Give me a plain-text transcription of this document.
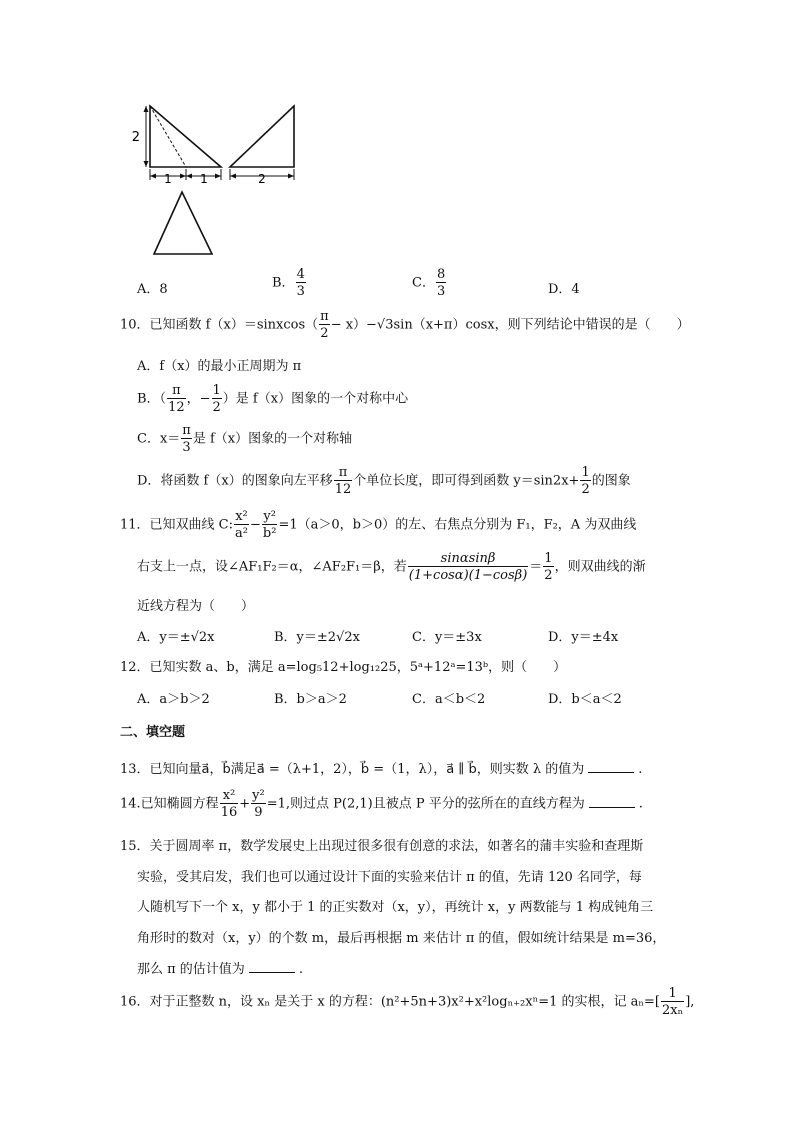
2
1 1	2
A．8	B． $\frac{4}{3}$	C． $\frac{8}{3}$	D．4
10．已知函数 f（x）＝sinxcos（ $\frac{\pi}{2} - x)-√3\sin(x+\pi)\cos x$，则下列结论中错误的是（　　）
A．f（x）的最小正周期为 π
B．（ $\frac{\pi}{12}$ ，− $\frac{1}{2}$ ）是 f（x）图象的一个对称中心
C．$x= \frac{\pi}{3}$ 是 f（x）图象的一个对称轴
D．将函数 f（x）的图象向左平移 $\frac{\pi}{12}$ 个单位长度，即可得到函数 $y=\sin 2x+ \frac{1}{2}$ 的图象
11．已知双曲线 C: $\frac{\text{x²}}{\text{a²}} - \frac{\text{y²}}{\text{b²}} =1(a>0$，b＞0）的左、右焦点分别为 F₁，F₂，A 为双曲线
右支上一点，设∠AF₁F₂＝α，∠AF₂F₁＝β，若 $\frac{\sin\alpha\sin\beta}{(1+\cos\alpha)(1-\cos\beta)} = \frac{1}{2}$ ，则双曲线的渐
近线方程为（　　）
A．y＝±√2x	B．y＝±2√2x	C．y＝±3x	D．y＝±4x
12．已知实数 a、b，满足 a=log₅12+log₁₂25，5ᵃ+12ᵃ=13ᵇ，则（　　）
A．a＞b＞2	B．b＞a＞2	C．a＜b＜2	D．b＜a＜2
二、填空题
13．已知向量a⃗，b⃗满足a⃗ =（λ+1，2），b⃗ =（1，λ），a⃗ ∥ b⃗，则实数 λ 的值为	.
14.已知椭圆方程 $\frac{\text{x²}}{16} + \frac{\text{y²}}{9} =1$,则过点 P(2,1)且被点 P 平分的弦所在的直线方程为	.
15．关于圆周率 π，数学发展史上出现过很多很有创意的求法，如著名的蒲丰实验和查理斯
实验，受其启发，我们也可以通过设计下面的实验来估计 π 的值，先请 120 名同学，每
人随机写下一个 x，y 都小于 1 的正实数对（x，y），再统计 x，y 两数能与 1 构成钝角三
角形时的数对（x，y）的个数 m，最后再根据 m 来估计 π 的值，假如统计结果是 m=36，
那么 π 的估计值为	.
16．对于正整数 n，设 xₙ 是关于 x 的方程：(n²+5n+3)x²+x²logₙ₊₂xⁿ=1 的实根，记 $a_n=[ \frac{1}{\text{2xₙ}}$ ],
